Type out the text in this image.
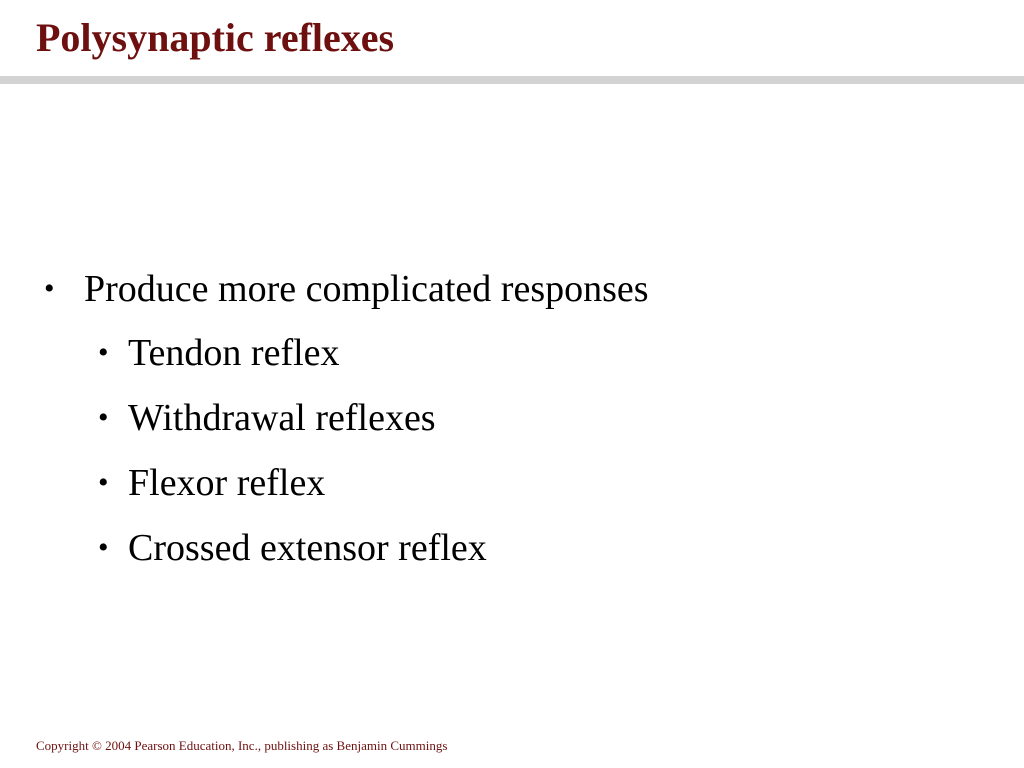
Polysynaptic reflexes
• Produce more complicated responses
• Tendon reflex
• Withdrawal reflexes
• Flexor reflex
• Crossed extensor reflex

Copyright © 2004 Pearson Education, Inc., publishing as Benjamin Cummings
